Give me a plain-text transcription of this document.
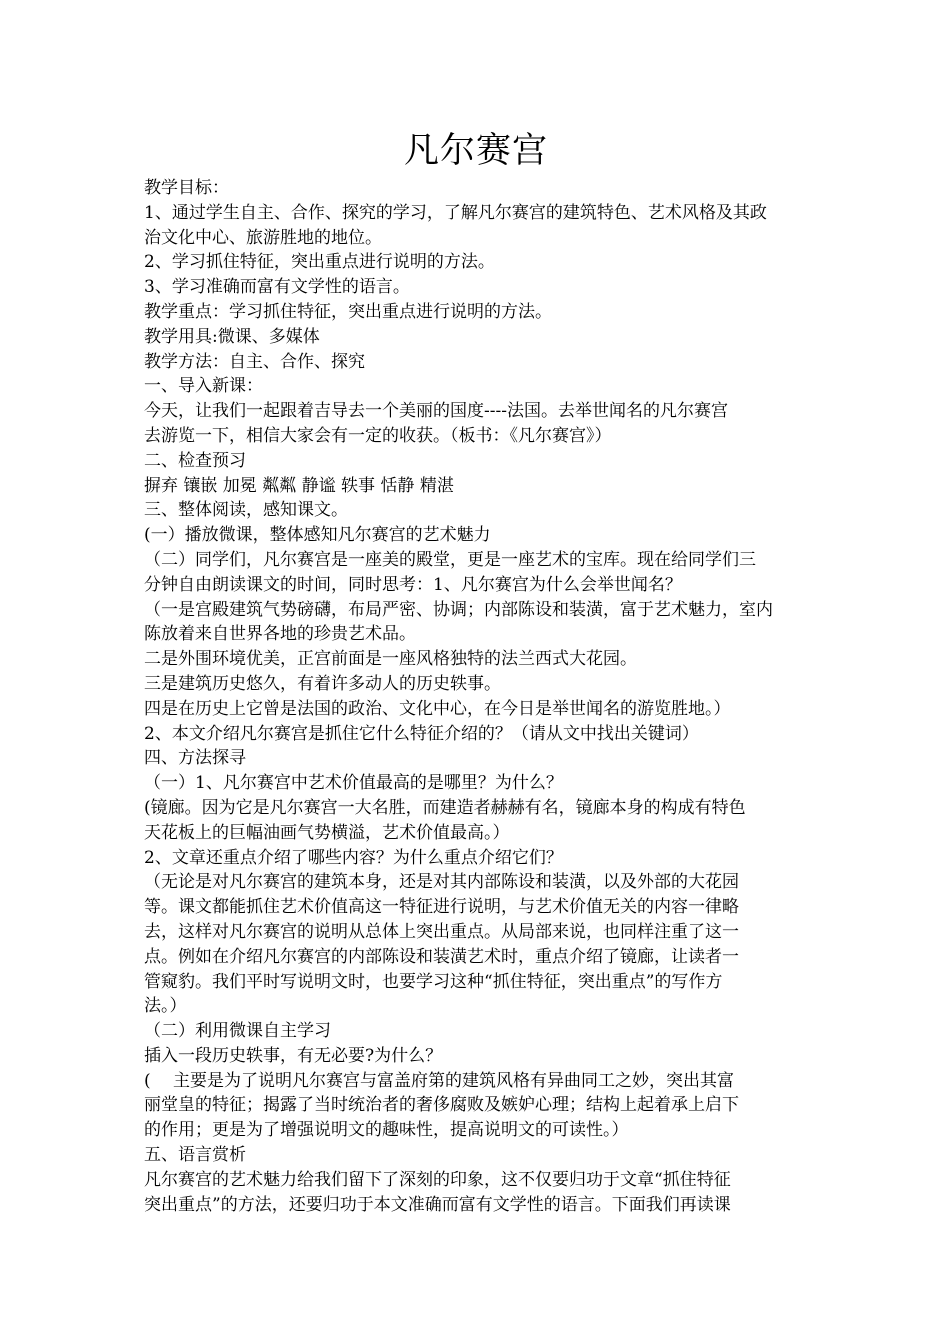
凡尔赛宫
教学目标：
1、通过学生自主、合作、探究的学习，了解凡尔赛宫的建筑特色、艺术风格及其政
治文化中心、旅游胜地的地位。
2、学习抓住特征，突出重点进行说明的方法。
3、学习准确而富有文学性的语言。
教学重点：学习抓住特征，突出重点进行说明的方法。
教学用具:微课、多媒体
教学方法：自主、合作、探究
一、导入新课：
今天，让我们一起跟着吉导去一个美丽的国度----法国。去举世闻名的凡尔赛宫
去游览一下，相信大家会有一定的收获。（板书：《凡尔赛宫》）
二、检查预习
摒弃 镶嵌 加冕 粼粼 静谧 轶事 恬静 精湛
三、整体阅读，感知课文。
(一）播放微课，整体感知凡尔赛宫的艺术魅力
（二）同学们，凡尔赛宫是一座美的殿堂，更是一座艺术的宝库。现在给同学们三
分钟自由朗读课文的时间，同时思考：1、凡尔赛宫为什么会举世闻名？
（一是宫殿建筑气势磅礴，布局严密、协调；内部陈设和装潢，富于艺术魅力，室内
陈放着来自世界各地的珍贵艺术品。
二是外围环境优美，正宫前面是一座风格独特的法兰西式大花园。
三是建筑历史悠久，有着许多动人的历史轶事。
四是在历史上它曾是法国的政治、文化中心，在今日是举世闻名的游览胜地。）
2、本文介绍凡尔赛宫是抓住它什么特征介绍的？（请从文中找出关键词）
四、方法探寻
（一）1、凡尔赛宫中艺术价值最高的是哪里？为什么？
(镜廊。因为它是凡尔赛宫一大名胜，而建造者赫赫有名，镜廊本身的构成有特色
天花板上的巨幅油画气势横溢，艺术价值最高。）
2、文章还重点介绍了哪些内容？为什么重点介绍它们？
（无论是对凡尔赛宫的建筑本身，还是对其内部陈设和装潢，以及外部的大花园
等。课文都能抓住艺术价值高这一特征进行说明，与艺术价值无关的内容一律略
去，这样对凡尔赛宫的说明从总体上突出重点。从局部来说，也同样注重了这一
点。例如在介绍凡尔赛宫的内部陈设和装潢艺术时，重点介绍了镜廊，让读者一
管窥豹。我们平时写说明文时，也要学习这种“抓住特征，突出重点”的写作方
法。）
（二）利用微课自主学习
插入一段历史轶事，有无必要?为什么？
(　 主要是为了说明凡尔赛宫与富盖府第的建筑风格有异曲同工之妙，突出其富
丽堂皇的特征；揭露了当时统治者的奢侈腐败及嫉妒心理；结构上起着承上启下
的作用；更是为了增强说明文的趣味性，提高说明文的可读性。）
五、语言赏析
凡尔赛宫的艺术魅力给我们留下了深刻的印象，这不仅要归功于文章“抓住特征
突出重点”的方法，还要归功于本文准确而富有文学性的语言。下面我们再读课
